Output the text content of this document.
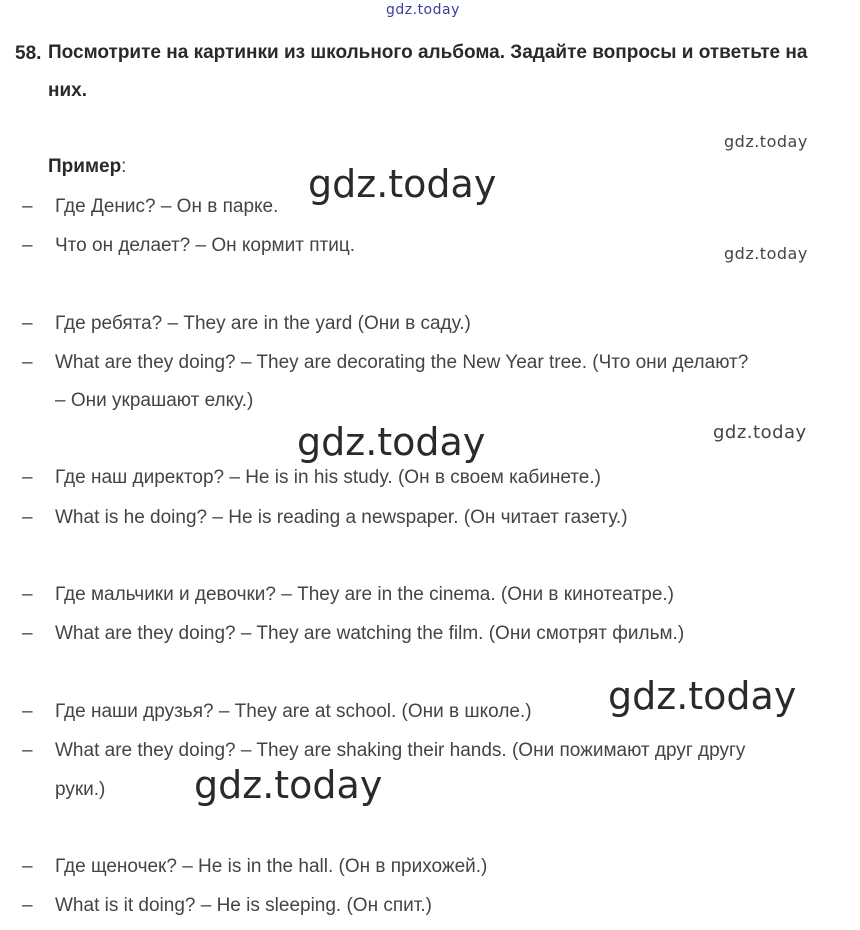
gdz.today
gdz.today
gdz.today
gdz.today
gdz.today
gdz.today
gdz.today
gdz.today
58. Посмотрите на картинки из школьного альбома. Задайте вопросы и ответьте на них.
Пример:
– Где Денис? – Он в парке.
– Что он делает? – Он кормит птиц.
– Где ребята? – They are in the yard (Они в саду.)
– What are they doing? – They are decorating the New Year tree. (Что они делают?
– Они украшают елку.)
– Где наш директор? – He is in his study. (Он в своем кабинете.)
– What is he doing? – He is reading a newspaper. (Он читает газету.)
– Где мальчики и девочки? – They are in the cinema. (Они в кинотеатре.)
– What are they doing? – They are watching the film. (Они смотрят фильм.)
– Где наши друзья? – They are at school. (Они в школе.)
– What are they doing? – They are shaking their hands. (Они пожимают друг другу
руки.)
– Где щеночек? – He is in the hall. (Он в прихожей.)
– What is it doing? – He is sleeping. (Он спит.)
